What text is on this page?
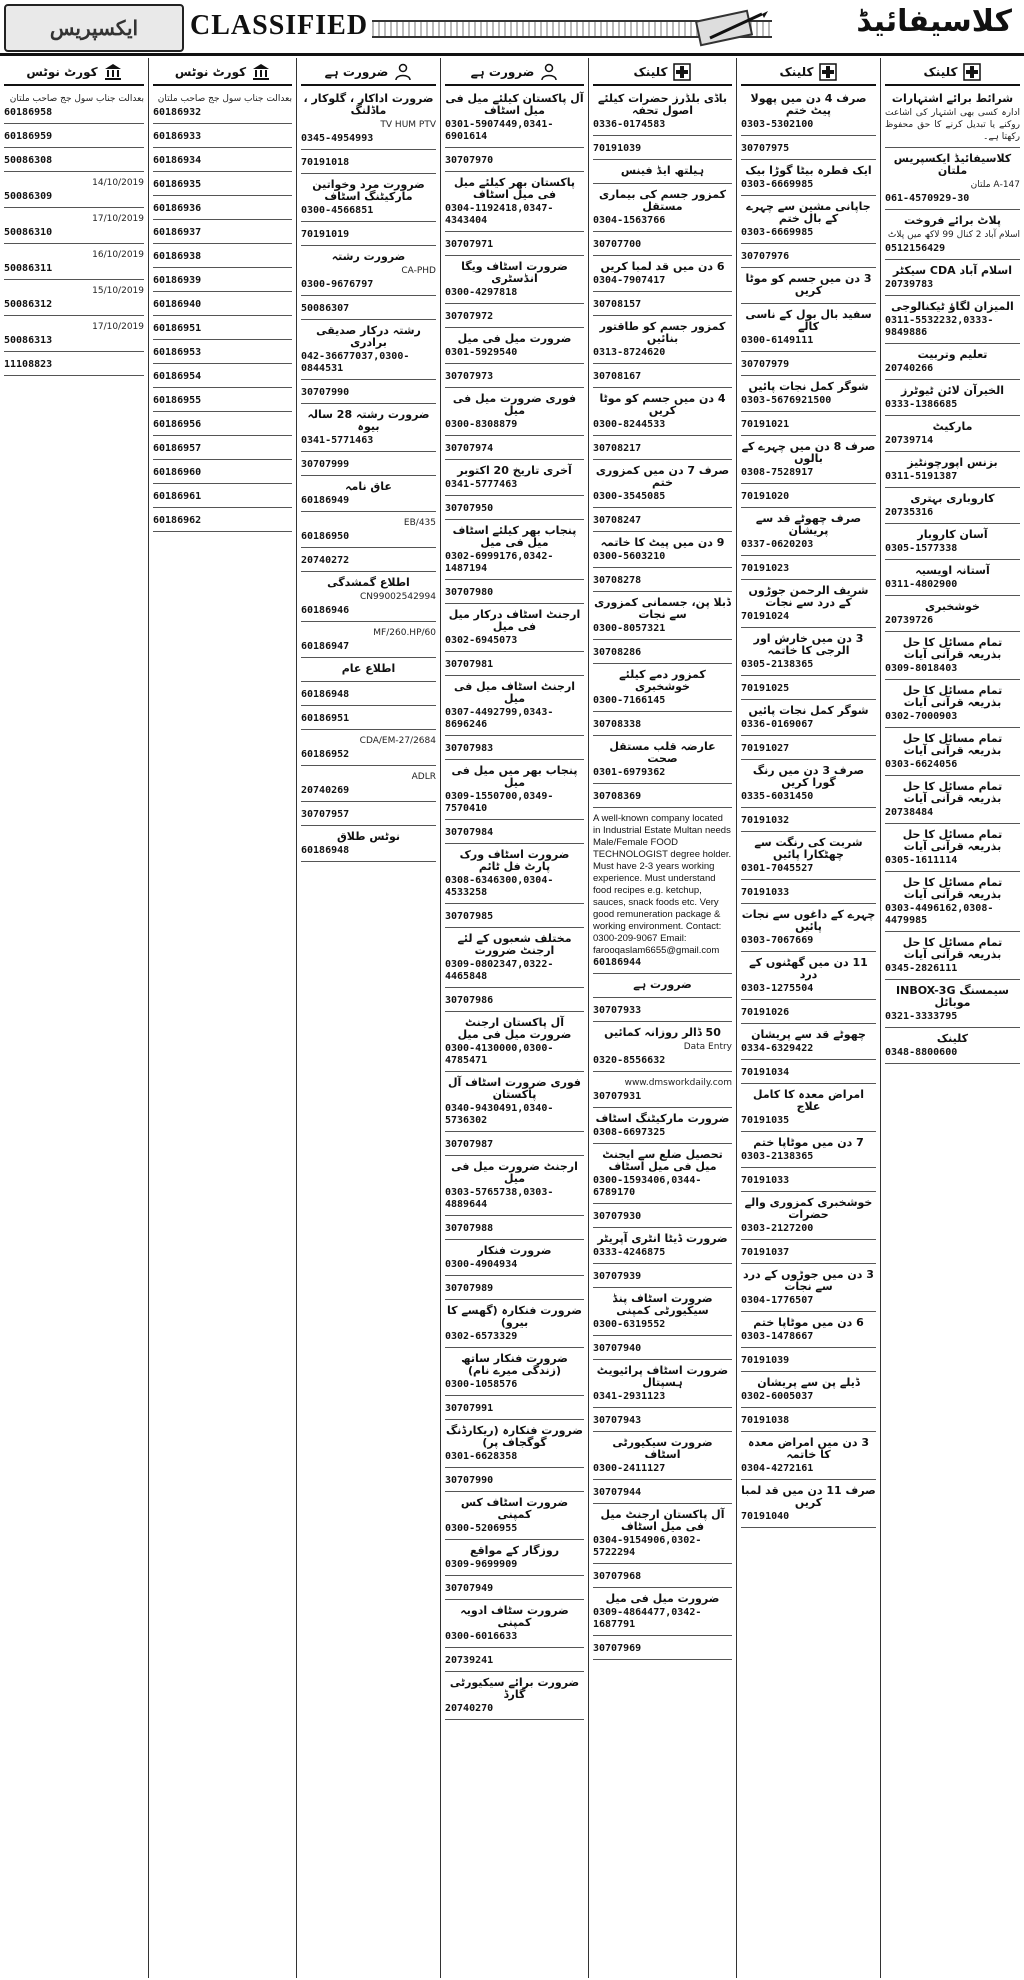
ایکسپریس CLASSIFIED	کلاسیفائیڈ
کلینک
شرائط برائے اشتہارات
ادارہ کسی بھی اشتہار کی اشاعت روکنے یا تبدیل کرنے کا حق محفوظ رکھتا ہے۔
کلاسیفائیڈ ایکسپریس ملتان
147-A ملتان
061-4570929-30
پلاٹ برائے فروخت
اسلام آباد 2 کنال 99 لاکھ میں پلاٹ
0512156429
اسلام آباد CDA سیکٹر
20739783
المیزان لگاؤ ٹیکنالوجی
0311-5532232,0333-9849886
تعلیم وتربیت
20740266
الخیرآن لائن ٹیوٹرز
0333-1386685
مارکیٹ
20739714
بزنس اپورچونٹیز
0311-5191387
کاروباری بہتری
20735316
آسان کاروبار
0305-1577338
آستانہ اویسیہ
0311-4802900
خوشخبری
20739726
تمام مسائل کا حل بذریعہ قرآنی آیات
0309-8018403
تمام مسائل کا حل بذریعہ قرآنی آیات
0302-7000903
تمام مسائل کا حل بذریعہ قرآنی آیات
0303-6624056
تمام مسائل کا حل بذریعہ قرآنی آیات
20738484
تمام مسائل کا حل بذریعہ قرآنی آیات
0305-1611114
تمام مسائل کا حل بذریعہ قرآنی آیات
0303-4496162,0308-4479985
تمام مسائل کا حل بذریعہ قرآنی آیات
0345-2826111
سیمسنگ INBOX-3G موبائل
0321-3333795
کلینک
0348-8800600
کلینک
صرف 4 دن میں پھولا پیٹ ختم
0303-5302100
30707975
ایک قطرہ بیٹا گوڑا بیک
0303-6669985
جاپانی مشین سے چہرے کے بال ختم
0303-6669985
30707976
3 دن میں جسم کو موٹا کریں
سفید بال بول کے ناسی کالے
0300-6149111
30707979
شوگر کمل نجات پائیں
0303-5676921500
70191021
صرف 8 دن میں چہرے کے بالوں
0308-7528917
70191020
صرف چھوٹے قد سے پریشان
0337-0620203
70191023
شریف الرحمن جوڑوں کے درد سے نجات
70191024
3 دن میں خارش اور الرجی کا خاتمہ
0305-2138365
70191025
شوگر کمل نجات پائیں
0336-0169067
70191027
صرف 3 دن میں رنگ گورا کریں
0335-6031450
70191032
شربت کی رنگت سے چھٹکارا پائیں
0301-7045527
70191033
چہرے کے داغوں سے نجات پائیں
0303-7067669
11 دن میں گھٹنوں کے درد
0303-1275504
70191026
چھوٹے قد سے پریشان
0334-6329422
70191034
امراض معدہ کا کامل علاج
70191035
7 دن میں موٹاپا ختم
0303-2138365
70191033
خوشخبری کمزوری والے حضرات
0303-2127200
70191037
3 دن میں جوڑوں کے درد سے نجات
0304-1776507
6 دن میں موٹاپا ختم
0303-1478667
70191039
ڈیلے پن سے پریشان
0302-6005037
70191038
3 دن میں امراض معدہ کا خاتمہ
0304-4272161
صرف 11 دن میں قد لمبا کریں
70191040
کلینک
باڈی بلڈرز حضرات کیلئے اصول تحفہ
0336-0174583
70191039
ہیلتھ ایڈ فینس
کمزور جسم کی بیماری مستقل
0304-1563766
30707700
6 دن میں قد لمبا کریں
0304-7907417
30708157
کمزور جسم کو طاقتور بنائیں
0313-8724620
30708167
4 دن میں جسم کو موٹا کریں
0300-8244533
30708217
صرف 7 دن میں کمزوری ختم
0300-3545085
30708247
9 دن میں پیٹ کا خاتمہ
0300-5603210
30708278
ڈبلا پن، جسمانی کمزوری سے نجات
0300-8057321
30708286
کمزور دمے کیلئے خوشخبری
0300-7166145
30708338
عارضہ قلب مستقل صحت
0301-6979362
30708369
A well-known company located in Industrial Estate Multan needs Male/Female FOOD TECHNOLOGIST degree holder. Must have 2-3 years working experience. Must understand food recipes e.g. ketchup, sauces, snack foods etc. Very good remuneration package & working environment. Contact: 0300-209-9067 Email: farooqaslam6655@gmail.com
60186944
ضرورت ہے
30707933
50 ڈالر روزانہ کمائیں
Data Entry
0320-8556632
www.dmsworkdaily.com
30707931
ضرورت مارکیٹنگ اسٹاف
0308-6697325
تحصیل ضلع سے ایجنٹ میل فی میل اسٹاف
0300-1593406,0344-6789170
30707930
ضرورت ڈیٹا انٹری آپریٹر
0333-4246875
30707939
ضرورت اسٹاف پنڈ سیکیورٹی کمپنی
0300-6319552
30707940
ضرورت اسٹاف پرائیویٹ ہسپتال
0341-2931123
30707943
ضرورت سیکیورٹی اسٹاف
0300-2411127
30707944
آل پاکستان ارجنٹ میل فی میل اسٹاف
0304-9154906,0302-5722294
30707968
ضرورت میل فی میل
0309-4864477,0342-1687791
30707969
ضرورت ہے
آل پاکستان کیلئے میل فی میل اسٹاف
0301-5907449,0341-6901614
30707970
پاکستان بھر کیلئے میل فی میل اسٹاف
0304-1192418,0347-4343404
30707971
ضرورت اسٹاف ویگا انڈسٹری
0300-4297818
30707972
ضرورت میل فی میل
0301-5929540
30707973
فوری ضرورت میل فی میل
0300-8308879
30707974
آخری تاریخ 20 اکتوبر
0341-5777463
30707950
پنجاب بھر کیلئے اسٹاف میل فی میل
0302-6999176,0342-1487194
30707980
ارجنٹ اسٹاف درکار میل فی میل
0302-6945073
30707981
ارجنٹ اسٹاف میل فی میل
0307-4492799,0343-8696246
30707983
پنجاب بھر میں میل فی میل
0309-1550700,0349-7570410
30707984
ضرورت اسٹاف ورک پارٹ فل ٹائم
0308-6346300,0304-4533258
30707985
مختلف شعبوں کے لئے ارجنٹ ضرورت
0309-0802347,0322-4465848
30707986
آل پاکستان ارجنٹ ضرورت میل فی میل
0300-4130000,0300-4785471
فوری ضرورت اسٹاف آل پاکستان
0340-9430491,0340-5736302
30707987
ارجنٹ ضرورت میل فی میل
0303-5765738,0303-4889644
30707988
ضرورت فنکار
0300-4904934
30707989
ضرورت فنکارہ (گھسے کا بیرو)
0302-6573329
ضرورت فنکار ساتھ (زندگی میرے نام)
0300-1058576
30707991
ضرورت فنکارہ (ریکارڈنگ گوگجاف پر)
0301-6628358
30707990
ضرورت اسٹاف کس کمپنی
0300-5206955
روزگار کے مواقع
0309-9699909
30707949
ضرورت سٹاف ادویہ کمپنی
0300-6016633
20739241
ضرورت برائے سیکیورٹی گارڈ
20740270
ضرورت ہے
ضرورت اداکار ، گلوکار ، ماڈلنگ
TV HUM PTV
0345-4954993
70191018
ضرورت مرد وخواتین مارکیٹنگ اسٹاف
0300-4566851
70191019
ضرورت رشتہ
CA-PHD
0300-9676797
50086307
رشتہ درکار صدیقی برادری
042-36677037,0300-0844531
30707990
ضرورت رشتہ 28 سالہ بیوہ
0341-5771463
30707999
عاق نامہ
60186949
435/EB
60186950
20740272
اطلاع گمشدگی
CN99002542994
60186946
MF/260.HP/60
60186947
اطلاع عام
60186948
60186951
CDA/EM-27/2684
60186952
ADLR
20740269
30707957
نوٹس طلاق
60186948
کورٹ نوٹس
بعدالت جناب سول جج صاحب ملتان
60186932
60186933
60186934
60186935
60186936
60186937
60186938
60186939
60186940
60186951
60186953
60186954
60186955
60186956
60186957
60186960
60186961
60186962
کورٹ نوٹس
بعدالت جناب سول جج صاحب ملتان
60186958
60186959
50086308
14/10/2019
50086309
17/10/2019
50086310
16/10/2019
50086311
15/10/2019
50086312
17/10/2019
50086313
11108823
